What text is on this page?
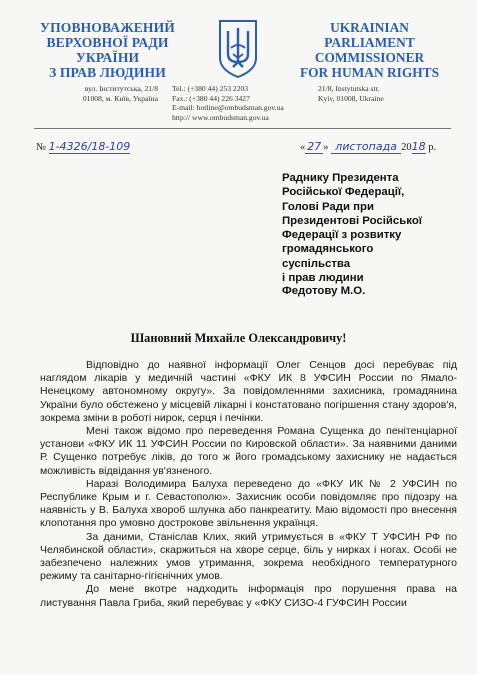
УПОВНОВАЖЕНИЙ
ВЕРХОВНОЇ РАДИ УКРАЇНИ
З ПРАВ ЛЮДИНИ
UKRAINIAN
PARLIAMENT COMMISSIONER
FOR HUMAN RIGHTS
вул. Інститутська, 21/8
01008, м. Київ, Україна
Tel.: (+380 44) 253 2203
Fax.: (+380 44) 226 3427
E-mail: hotline@ombudsman.gov.ua
http:// www.ombudsman.gov.ua
21/8, Instytutska str.
Kyiv, 01008, Ukraine
№ 1-4326/18-109	« 27 » листопада 2018 р.
Раднику Президента
Російської Федерації,
Голові Ради при
Президентові Російської
Федерації з розвитку
громадянського
суспільства
і прав людини
Федотову М.О.
Шановний Михайле Олександровичу!

Відповідно до наявної інформації Олег Сенцов досі перебуває під наглядом лікарів у медичній частині «ФКУ ИК 8 УФСИН России по Ямало-Ненецкому автономному округу». За повідомленнями захисника, громадянина України було обстежено у місцевій лікарні і констатовано погіршення стану здоров'я, зокрема зміни в роботі нирок, серця і печінки.

Мені також відомо про переведення Романа Сущенка до пенітенціарної установи «ФКУ ИК 11 УФСИН России по Кировской области». За наявними даними Р. Сущенко потребує ліків, до того ж його громадському захиснику не надається можливість відвідання ув'язненого.

Наразі Володимира Балуха переведено до «ФКУ ИК № 2 УФСИН по Республике Крым и г. Севастополю». Захисник особи повідомляє про підозру на наявність у В. Балуха хвороб шлунка або панкреатиту. Маю відомості про внесення клопотання про умовно дострокове звільнення українця.

За даними, Станіслав Клих, який утримується в «ФКУ Т УФСИН РФ по Челябинской области», скаржиться на хворе серце, біль у нирках і ногах. Особі не забезпечено належних умов утримання, зокрема необхідного температурного режиму та санітарно-гігієнічних умов.

До мене вкотре надходить інформація про порушення права на листування Павла Гриба, який перебуває у «ФКУ СИЗО-4 ГУФСИН России
